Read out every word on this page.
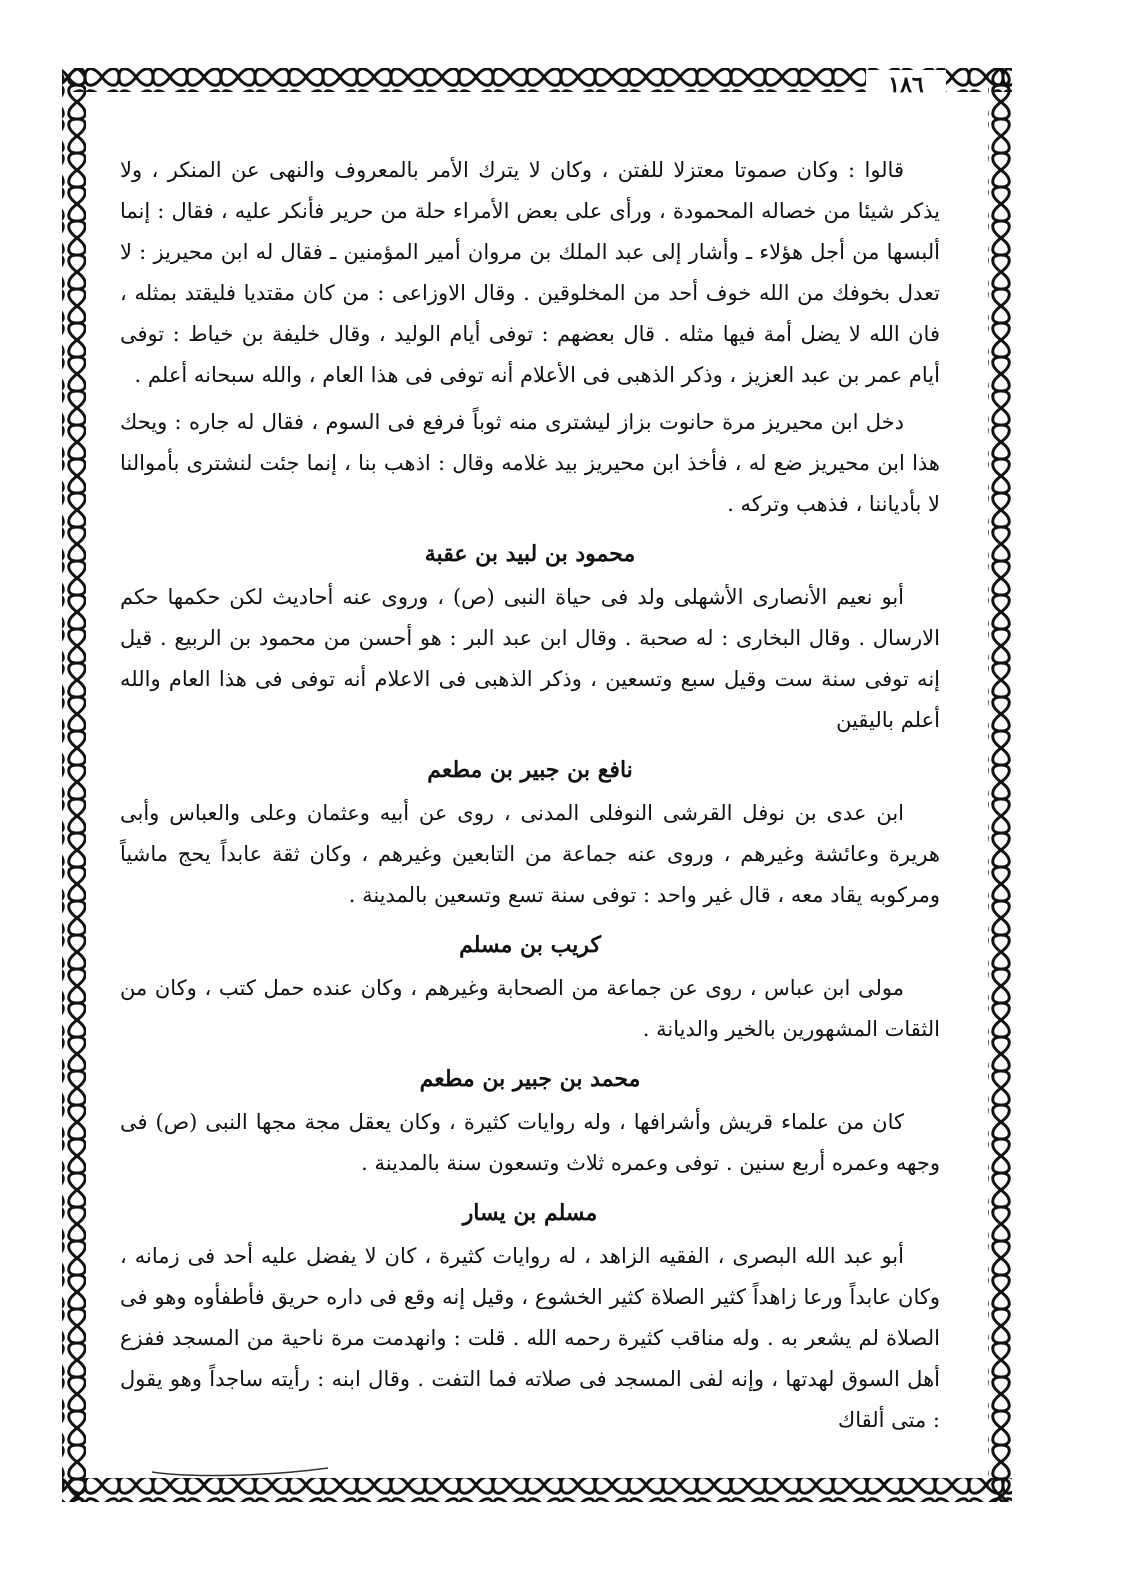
١٨٦

قالوا : وكان صموتا معتزلا للفتن ، وكان لا يترك الأمر بالمعروف والنهى عن المنكر ، ولا يذكر شيئا من خصاله المحمودة ، ورأى على بعض الأمراء حلة من حرير فأنكر عليه ، فقال : إنما ألبسها من أجل هؤلاء ـ وأشار إلى عبد الملك بن مروان أمير المؤمنين ـ فقال له ابن محيريز : لا تعدل بخوفك من الله خوف أحد من المخلوقين . وقال الاوزاعى : من كان مقتديا فليقتد بمثله ، فان الله لا يضل أمة فيها مثله . قال بعضهم : توفى أيام الوليد ، وقال خليفة بن خياط : توفى أيام عمر بن عبد العزيز ، وذكر الذهبى فى الأعلام أنه توفى فى هذا العام ، والله سبحانه أعلم .

دخل ابن محيريز مرة حانوت بزاز ليشترى منه ثوباً فرفع فى السوم ، فقال له جاره : ويحك هذا ابن محيريز ضع له ، فأخذ ابن محيريز بيد غلامه وقال : اذهب بنا ، إنما جئت لنشترى بأموالنا لا بأدياننا ، فذهب وتركه .

محمود بن لبيد بن عقبة

أبو نعيم الأنصارى الأشهلى ولد فى حياة النبى (ص) ، وروى عنه أحاديث لكن حكمها حكم الارسال . وقال البخارى : له صحبة . وقال ابن عبد البر : هو أحسن من محمود بن الربيع . قيل إنه توفى سنة ست وقيل سبع وتسعين ، وذكر الذهبى فى الاعلام أنه توفى فى هذا العام والله أعلم باليقين

نافع بن جبير بن مطعم

ابن عدى بن نوفل القرشى النوفلى المدنى ، روى عن أبيه وعثمان وعلى والعباس وأبى هريرة وعائشة وغيرهم ، وروى عنه جماعة من التابعين وغيرهم ، وكان ثقة عابداً يحج ماشياً ومركوبه يقاد معه ، قال غير واحد : توفى سنة تسع وتسعين بالمدينة .

كريب بن مسلم

مولى ابن عباس ، روى عن جماعة من الصحابة وغيرهم ، وكان عنده حمل كتب ، وكان من الثقات المشهورين بالخير والديانة .

محمد بن جبير بن مطعم

كان من علماء قريش وأشرافها ، وله روايات كثيرة ، وكان يعقل مجة مجها النبى (ص) فى وجهه وعمره أربع سنين . توفى وعمره ثلاث وتسعون سنة بالمدينة .

مسلم بن يسار

أبو عبد الله البصرى ، الفقيه الزاهد ، له روايات كثيرة ، كان لا يفضل عليه أحد فى زمانه ، وكان عابداً ورعا زاهداً كثير الصلاة كثير الخشوع ، وقيل إنه وقع فى داره حريق فأطفأوه وهو فى الصلاة لم يشعر به . وله مناقب كثيرة رحمه الله . قلت : وانهدمت مرة ناحية من المسجد ففزع أهل السوق لهدتها ، وإنه لفى المسجد فى صلاته فما التفت . وقال ابنه : رأيته ساجداً وهو يقول : متى ألقاك
